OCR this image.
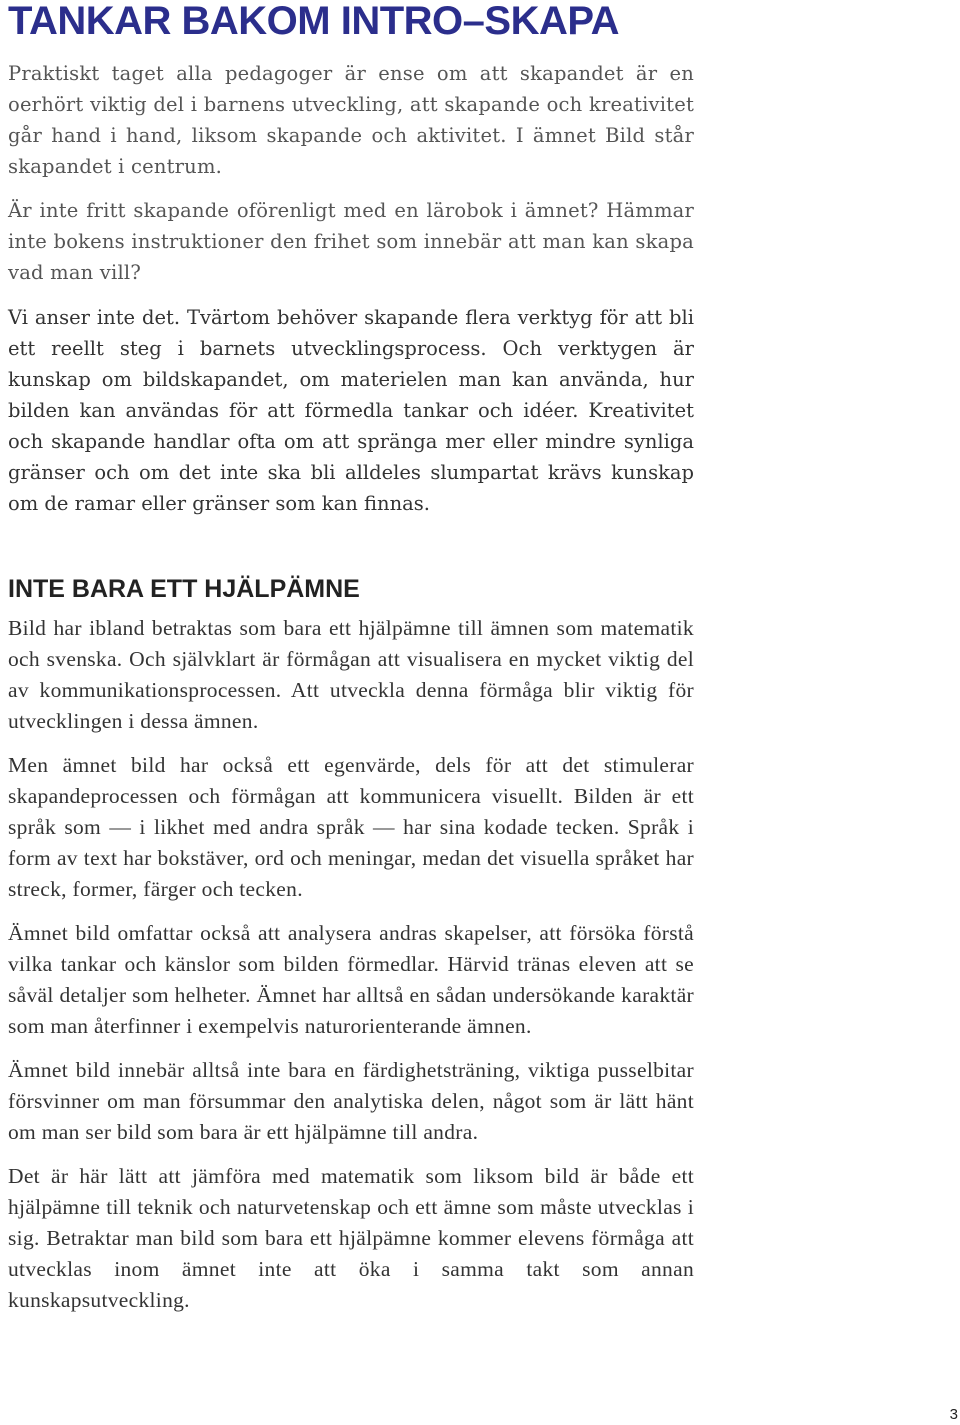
TANKAR BAKOM INTRO–SKAPA

Praktiskt taget alla pedagoger är ense om att skapandet är en oerhört viktig del i barnens utveckling, att skapande och kreativitet går hand i hand, liksom skapande och aktivitet. I ämnet Bild står skapandet i centrum.

Är inte fritt skapande oförenligt med en lärobok i ämnet? Hämmar inte bokens instruktioner den frihet som innebär att man kan skapa vad man vill?

Vi anser inte det. Tvärtom behöver skapande flera verktyg för att bli ett reellt steg i barnets utvecklingsprocess. Och verktygen är kunskap om bildskapandet, om materielen man kan använda, hur bilden kan användas för att förmedla tankar och idéer. Kreativitet och skapande handlar ofta om att spränga mer eller mindre synliga gränser och om det inte ska bli alldeles slumpartat krävs kunskap om de ramar eller gränser som kan finnas.

INTE BARA ETT HJÄLPÄMNE

Bild har ibland betraktas som bara ett hjälpämne till ämnen som matematik och svenska. Och självklart är förmågan att visualisera en mycket viktig del av kommunikationsprocessen. Att utveckla denna förmåga blir viktig för utvecklingen i dessa ämnen.

Men ämnet bild har också ett egenvärde, dels för att det stimulerar skapandeprocessen och förmågan att kommunicera visuellt. Bilden är ett språk som — i likhet med andra språk — har sina kodade tecken. Språk i form av text har bokstäver, ord och meningar, medan det visuella språket har streck, former, färger och tecken.

Ämnet bild omfattar också att analysera andras skapelser, att försöka förstå vilka tankar och känslor som bilden förmedlar. Härvid tränas eleven att se såväl detaljer som helheter. Ämnet har alltså en sådan undersökande karaktär som man återfinner i exempelvis naturorienterande ämnen.

Ämnet bild innebär alltså inte bara en färdighetsträning, viktiga pusselbitar försvinner om man försummar den analytiska delen, något som är lätt hänt om man ser bild som bara är ett hjälpämne till andra.

Det är här lätt att jämföra med matematik som liksom bild är både ett hjälpämne till teknik och naturvetenskap och ett ämne som måste utvecklas i sig. Betraktar man bild som bara ett hjälpämne kommer elevens förmåga att utvecklas inom ämnet inte att öka i samma takt som annan kunskapsutveckling.

3
